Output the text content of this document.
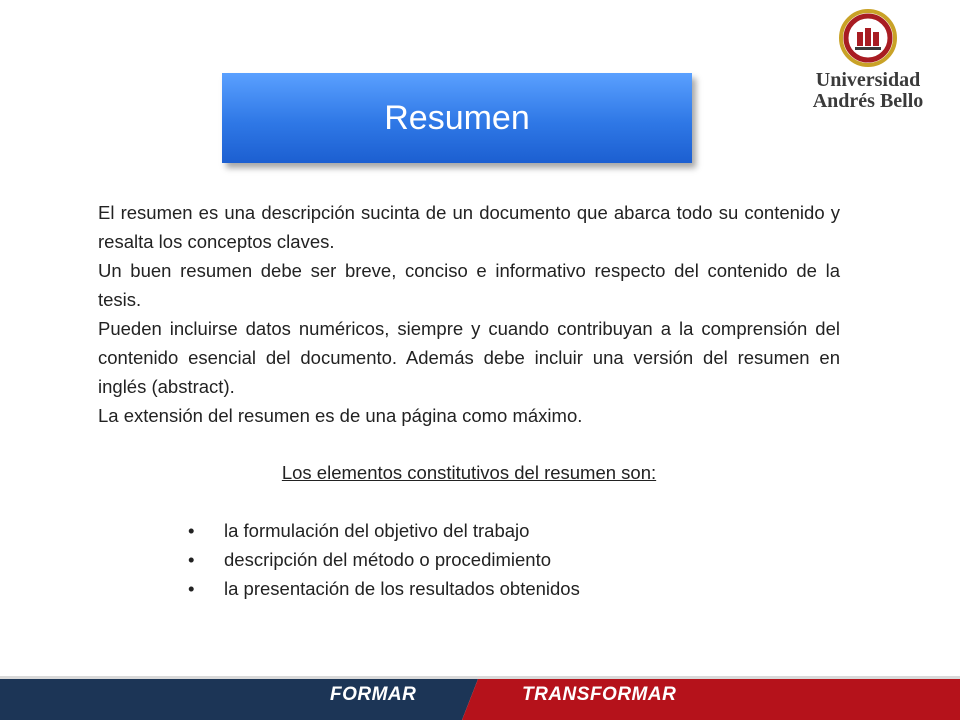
Resumen
Universidad
Andrés Bello

El resumen es una descripción sucinta de un documento que abarca todo su contenido y resalta los conceptos claves.

Un buen resumen debe ser breve, conciso e informativo respecto del contenido de la tesis.

Pueden incluirse datos numéricos, siempre y cuando contribuyan a la comprensión del contenido esencial del documento. Además debe incluir una versión del resumen en inglés (abstract).

La extensión del resumen es de una página como máximo.

Los elementos constitutivos del resumen son:
• la formulación del objetivo del trabajo
• descripción del método o procedimiento
• la presentación de los resultados obtenidos
FORMAR	TRANSFORMAR
